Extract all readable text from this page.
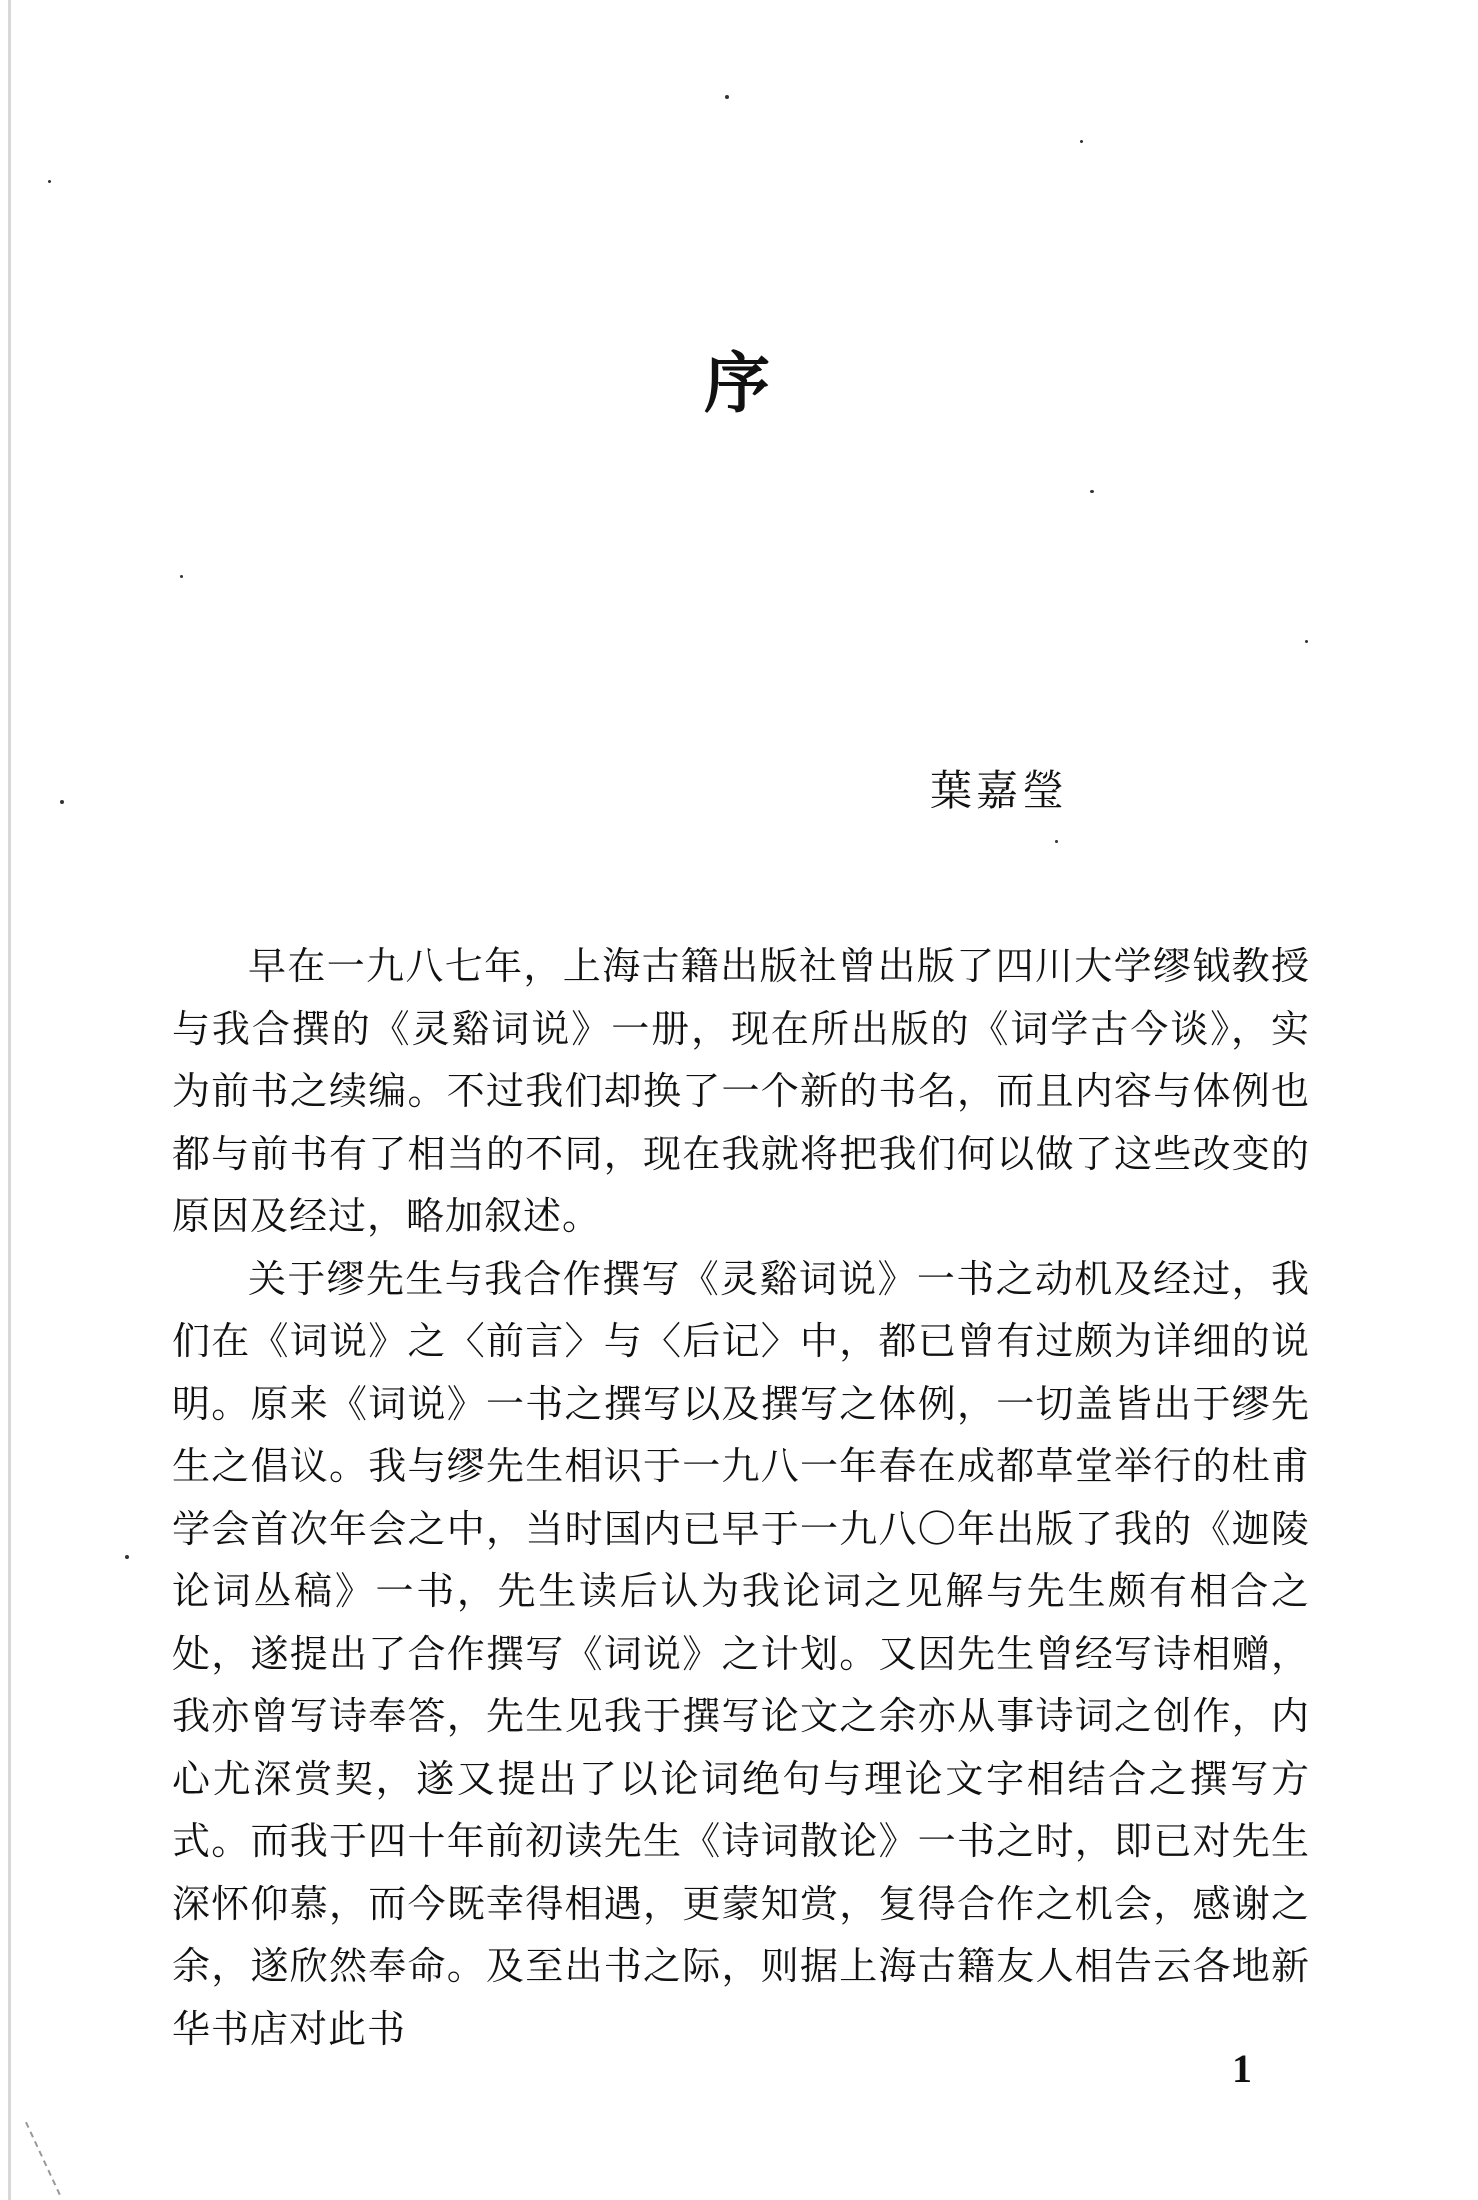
序
葉嘉瑩

早在一九八七年，上海古籍出版社曾出版了四川大学缪钺教授与我合撰的《灵谿词说》一册，现在所出版的《词学古今谈》，实为前书之续编。不过我们却换了一个新的书名，而且内容与体例也都与前书有了相当的不同，现在我就将把我们何以做了这些改变的原因及经过，略加叙述。

关于缪先生与我合作撰写《灵谿词说》一书之动机及经过，我们在《词说》之〈前言〉与〈后记〉中，都已曾有过颇为详细的说明。原来《词说》一书之撰写以及撰写之体例，一切盖皆出于缪先生之倡议。我与缪先生相识于一九八一年春在成都草堂举行的杜甫学会首次年会之中，当时国内已早于一九八〇年出版了我的《迦陵论词丛稿》一书，先生读后认为我论词之见解与先生颇有相合之处，遂提出了合作撰写《词说》之计划。又因先生曾经写诗相赠，我亦曾写诗奉答，先生见我于撰写论文之余亦从事诗词之创作，内心尤深赏契，遂又提出了以论词绝句与理论文字相结合之撰写方式。而我于四十年前初读先生《诗词散论》一书之时，即已对先生深怀仰慕，而今既幸得相遇，更蒙知赏，复得合作之机会，感谢之余，遂欣然奉命。及至出书之际，则据上海古籍友人相告云各地新华书店对此书

1
